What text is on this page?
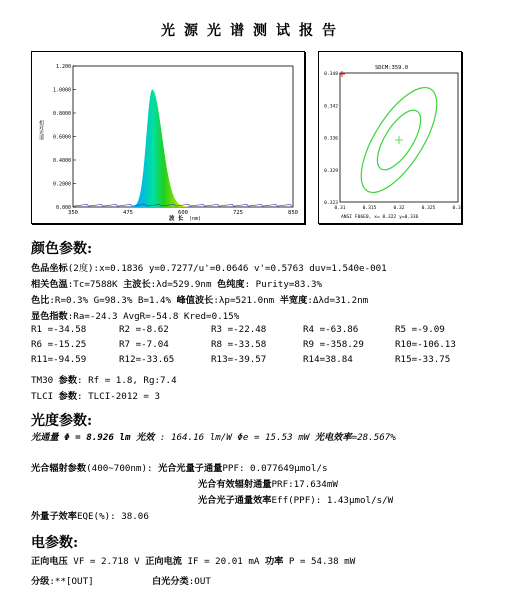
光源光谱测试报告
1.200
1.0000
0.8000
0.6000
0.4000
0.2000
0.000
350	475	600	725	850
相对光谱
波 长 (nm)
SDCM:359.0
0.348
0.342
0.336
0.329
0.323
0.31	0.315	0.32	0.325	0.33
ANSI F06E0, x= 0.322 y=0.336
颜色参数:
色品坐标(2度):x=0.1836 y=0.7277/u'=0.0646 v'=0.5763 duv=1.540e-001
相关色温:Tc=7588K 主波长:λd=529.9nm 色纯度: Purity=83.3%
色比:R=0.3% G=98.3% B=1.4% 峰值波长:λp=521.0nm 半宽度:Δλd=31.2nm
显色指数:Ra=-24.3 AvgR=-54.8 Kred=0.15%
R1 =-34.58	R2 =-8.62	R3 =-22.48	R4 =-63.86	R5 =-9.09
R6 =-15.25	R7 =-7.04	R8 =-33.58	R9 =-358.29	R10=-106.13
R11=-94.59	R12=-33.65	R13=-39.57	R14=38.84	R15=-33.75
TM30 参数: Rf = 1.8, Rg:7.4
TLCI 参数: TLCI-2012 = 3
光度参数:
光通量 Φ = 8.926 lm 光效 : 164.16 lm/W Φe = 15.53 mW 光电效率=28.567%
光合辐射参数(400~700nm): 光合光量子通量PPF: 0.077649μmol/s
光合有效辐射通量PRF:17.634mW
光合光子通量效率Eff(PPF): 1.43μmol/s/W
外量子效率EQE(%): 38.06
电参数:
正向电压 VF = 2.718 V 正向电流 IF = 20.01 mA 功率 P = 54.38 mW
分级:**[OUT]	白光分类:OUT
